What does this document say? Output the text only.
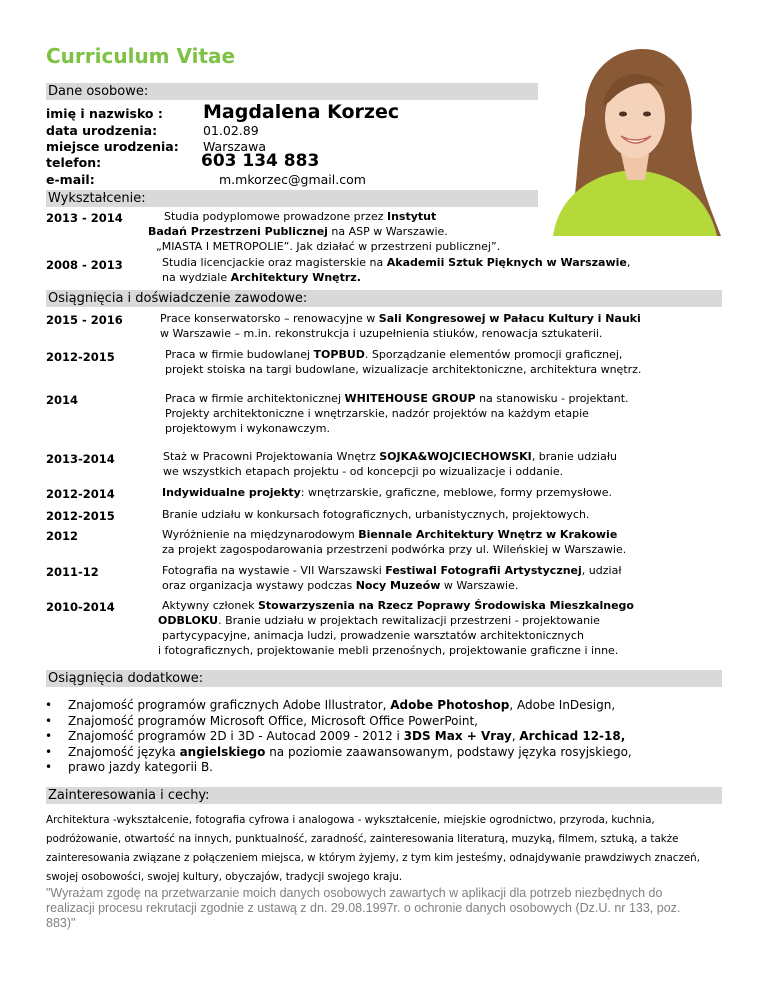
Curriculum Vitae
Dane osobowe:
imię i nazwisko : Magdalena Korzec
data urodzenia:	01.02.89
miejsce urodzenia: Warszawa
telefon:	603 134 883
e-mail:	m.mkorzec@gmail.com
Wykształcenie:
2013 - 2014	Studia podyplomowe prowadzone przez Instytut
Badań Przestrzeni Publicznej na ASP w Warszawie.
„MIASTA I METROPOLIE”. Jak działać w przestrzeni publicznej”.
2008 - 2013	Studia licencjackie oraz magisterskie na Akademii Sztuk Pięknych w Warszawie,
na wydziale Architektury Wnętrz.
Osiągnięcia i doświadczenie zawodowe:
2015 - 2016	Prace konserwatorsko – renowacyjne w Sali Kongresowej w Pałacu Kultury i Nauki
w Warszawie – m.in. rekonstrukcja i uzupełnienia stiuków, renowacja sztukaterii.
2012-2015	Praca w firmie budowlanej TOPBUD. Sporządzanie elementów promocji graficznej,
projekt stoiska na targi budowlane, wizualizacje architektoniczne, architektura wnętrz.
2014	Praca w firmie architektonicznej WHITEHOUSE GROUP na stanowisku - projektant.
Projekty architektoniczne i wnętrzarskie, nadzór projektów na każdym etapie
projektowym i wykonawczym.
2013-2014	Staż w Pracowni Projektowania Wnętrz SOJKA&WOJCIECHOWSKI, branie udziału
we wszystkich etapach projektu - od koncepcji po wizualizacje i oddanie.
2012-2014	Indywidualne projekty: wnętrzarskie, graficzne, meblowe, formy przemysłowe.
2012-2015	Branie udziału w konkursach fotograficznych, urbanistycznych, projektowych.
2012	Wyróżnienie na międzynarodowym Biennale Architektury Wnętrz w Krakowie
za projekt zagospodarowania przestrzeni podwórka przy ul. Wileńskiej w Warszawie.
2011-12	Fotografia na wystawie - VII Warszawski Festiwal Fotografii Artystycznej, udział
oraz organizacja wystawy podczas Nocy Muzeów w Warszawie.
2010-2014	Aktywny członek Stowarzyszenia na Rzecz Poprawy Środowiska Mieszkalnego
ODBLOKU. Branie udziału w projektach rewitalizacji przestrzeni - projektowanie
partycypacyjne, animacja ludzi, prowadzenie warsztatów architektonicznych
i fotograficznych, projektowanie mebli przenośnych, projektowanie graficzne i inne.
Osiągnięcia dodatkowe:
• Znajomość programów graficznych Adobe Illustrator, Adobe Photoshop, Adobe InDesign,
• Znajomość programów Microsoft Office, Microsoft Office PowerPoint,
• Znajomość programów 2D i 3D - Autocad 2009 - 2012 i 3DS Max + Vray, Archicad 12-18,
• Znajomość języka angielskiego na poziomie zaawansowanym, podstawy języka rosyjskiego,
• prawo jazdy kategorii B.
Zainteresowania i cechy:
Architektura -wykształcenie, fotografia cyfrowa i analogowa - wykształcenie, miejskie ogrodnictwo, przyroda, kuchnia,
podróżowanie, otwartość na innych, punktualność, zaradność, zainteresowania literaturą, muzyką, filmem, sztuką, a także
zainteresowania związane z połączeniem miejsca, w którym żyjemy, z tym kim jesteśmy, odnajdywanie prawdziwych znaczeń,
swojej osobowości, swojej kultury, obyczajów, tradycji swojego kraju.
"Wyrażam zgodę na przetwarzanie moich danych osobowych zawartych w aplikacji dla potrzeb niezbędnych do
realizacji procesu rekrutacji zgodnie z ustawą z dn. 29.08.1997r. o ochronie danych osobowych (Dz.U. nr 133, poz.
883)"
